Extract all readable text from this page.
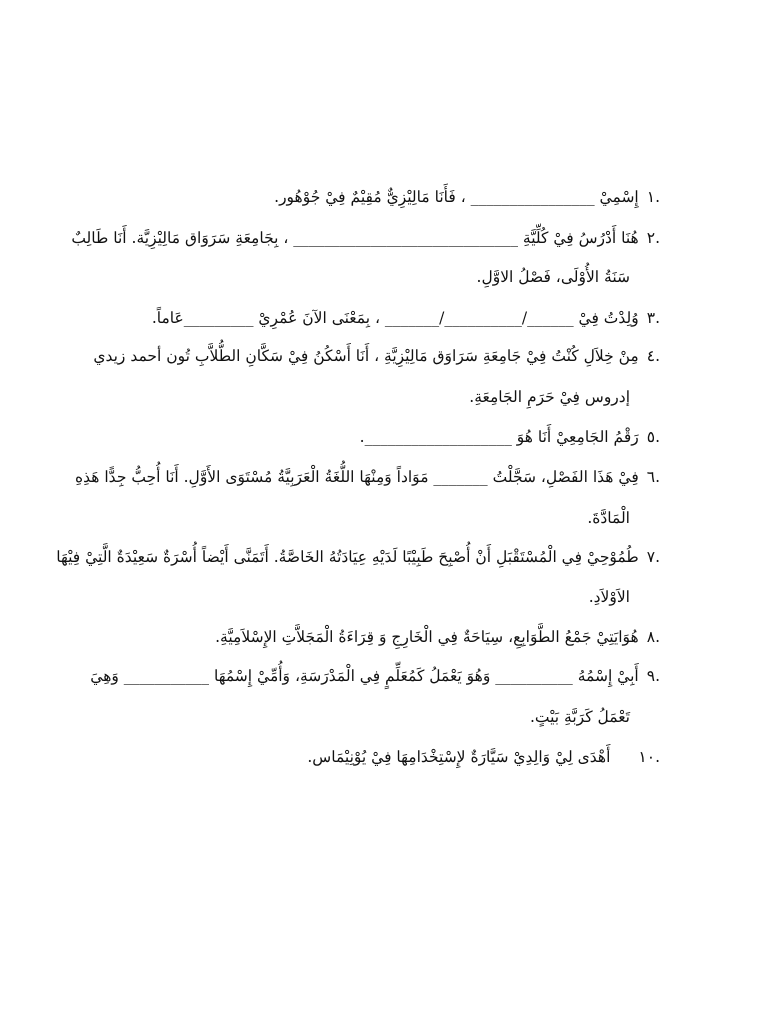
.١إِسْمِيْ ________________ ، فَأَنَا مَالِيْزِيٌّ مُقِيْمٌ فِيْ جُوْهُور.
.٢هُنَا أَدْرُسُ فِيْ كُلِّيَّةِ _____________________________ ، بِجَامِعَةِ سَرَوَاق مَالِيْزِيَّة. أَنَا طَالِبٌ
سَنَةُ الأُوْلَى، فَصْلُ الاوَّلِ.
.٣وُلِدْتُ فِيْ ______/__________/_______ ، بِمَعْنَى الآنَ عُمْرِيْ _________عَاماً.
.٤مِنْ خِلاَلِ كُنْتُ فِيْ جَامِعَةِ سَرَاوَق مَالِيْزِيَّةِ ، أَنَا أَسْكُنُ فِيْ سَكَّانِ الطُّلاَّبِ تُون أحمد زيدي
إدروس فِيْ حَرَمِ الجَامِعَةِ.
.٥رَقْمُ الجَامِعِيْ أَنَا هُوَ ___________________.
.٦فِيْ هَذَا الفَصْلِ، سَجَّلْتُ _______ مَوَاداً وَمِنْهَا اللُّغَةُ الْعَرَبِيَّةُ مُسْتَوَى الأَوَّلِ. أَنَا أُحِبُّ جِدًّا هَذِهِ
الْمَادَّةَ.
.٧طُمُوْحِيْ فِي الْمُسْتَقْبَلِ أَنْ أُصْبِحَ طَبِيْبًا لَدَيْهِ عِيَادَتُهُ الخَاصَّةُ. أَتَمَنَّى أَيْضاً أُسْرَةٌ سَعِيْدَةٌ الَّتِيْ فِيْهَا
الاَوْلاَدِ.
.٨هُوَايَتِيْ جَمْعُ الطَّوَابِعِ، سِيَاحَةٌ فِي الْخَارِجِ وَ قِرَاءَةُ الْمَجَلاَّتِ الإِسْلاَمِيَّةِ.
.٩أَبِيْ إِسْمُهُ __________ وَهُوَ يَعْمَلُ كَمُعَلِّمٍ فِي الْمَدْرَسَةِ، وَأُمِّيْ إِسْمُهَا ___________ وَهِيَ
تَعْمَلُ كَرَبَّةِ بَيْتٍ.
.١٠أَهْدَى لِيْ وَالِدِيْ سَيَّارَةٌ لإِسْتِخْدَامِهَا فِيْ يُوْنِيْمَاس.
